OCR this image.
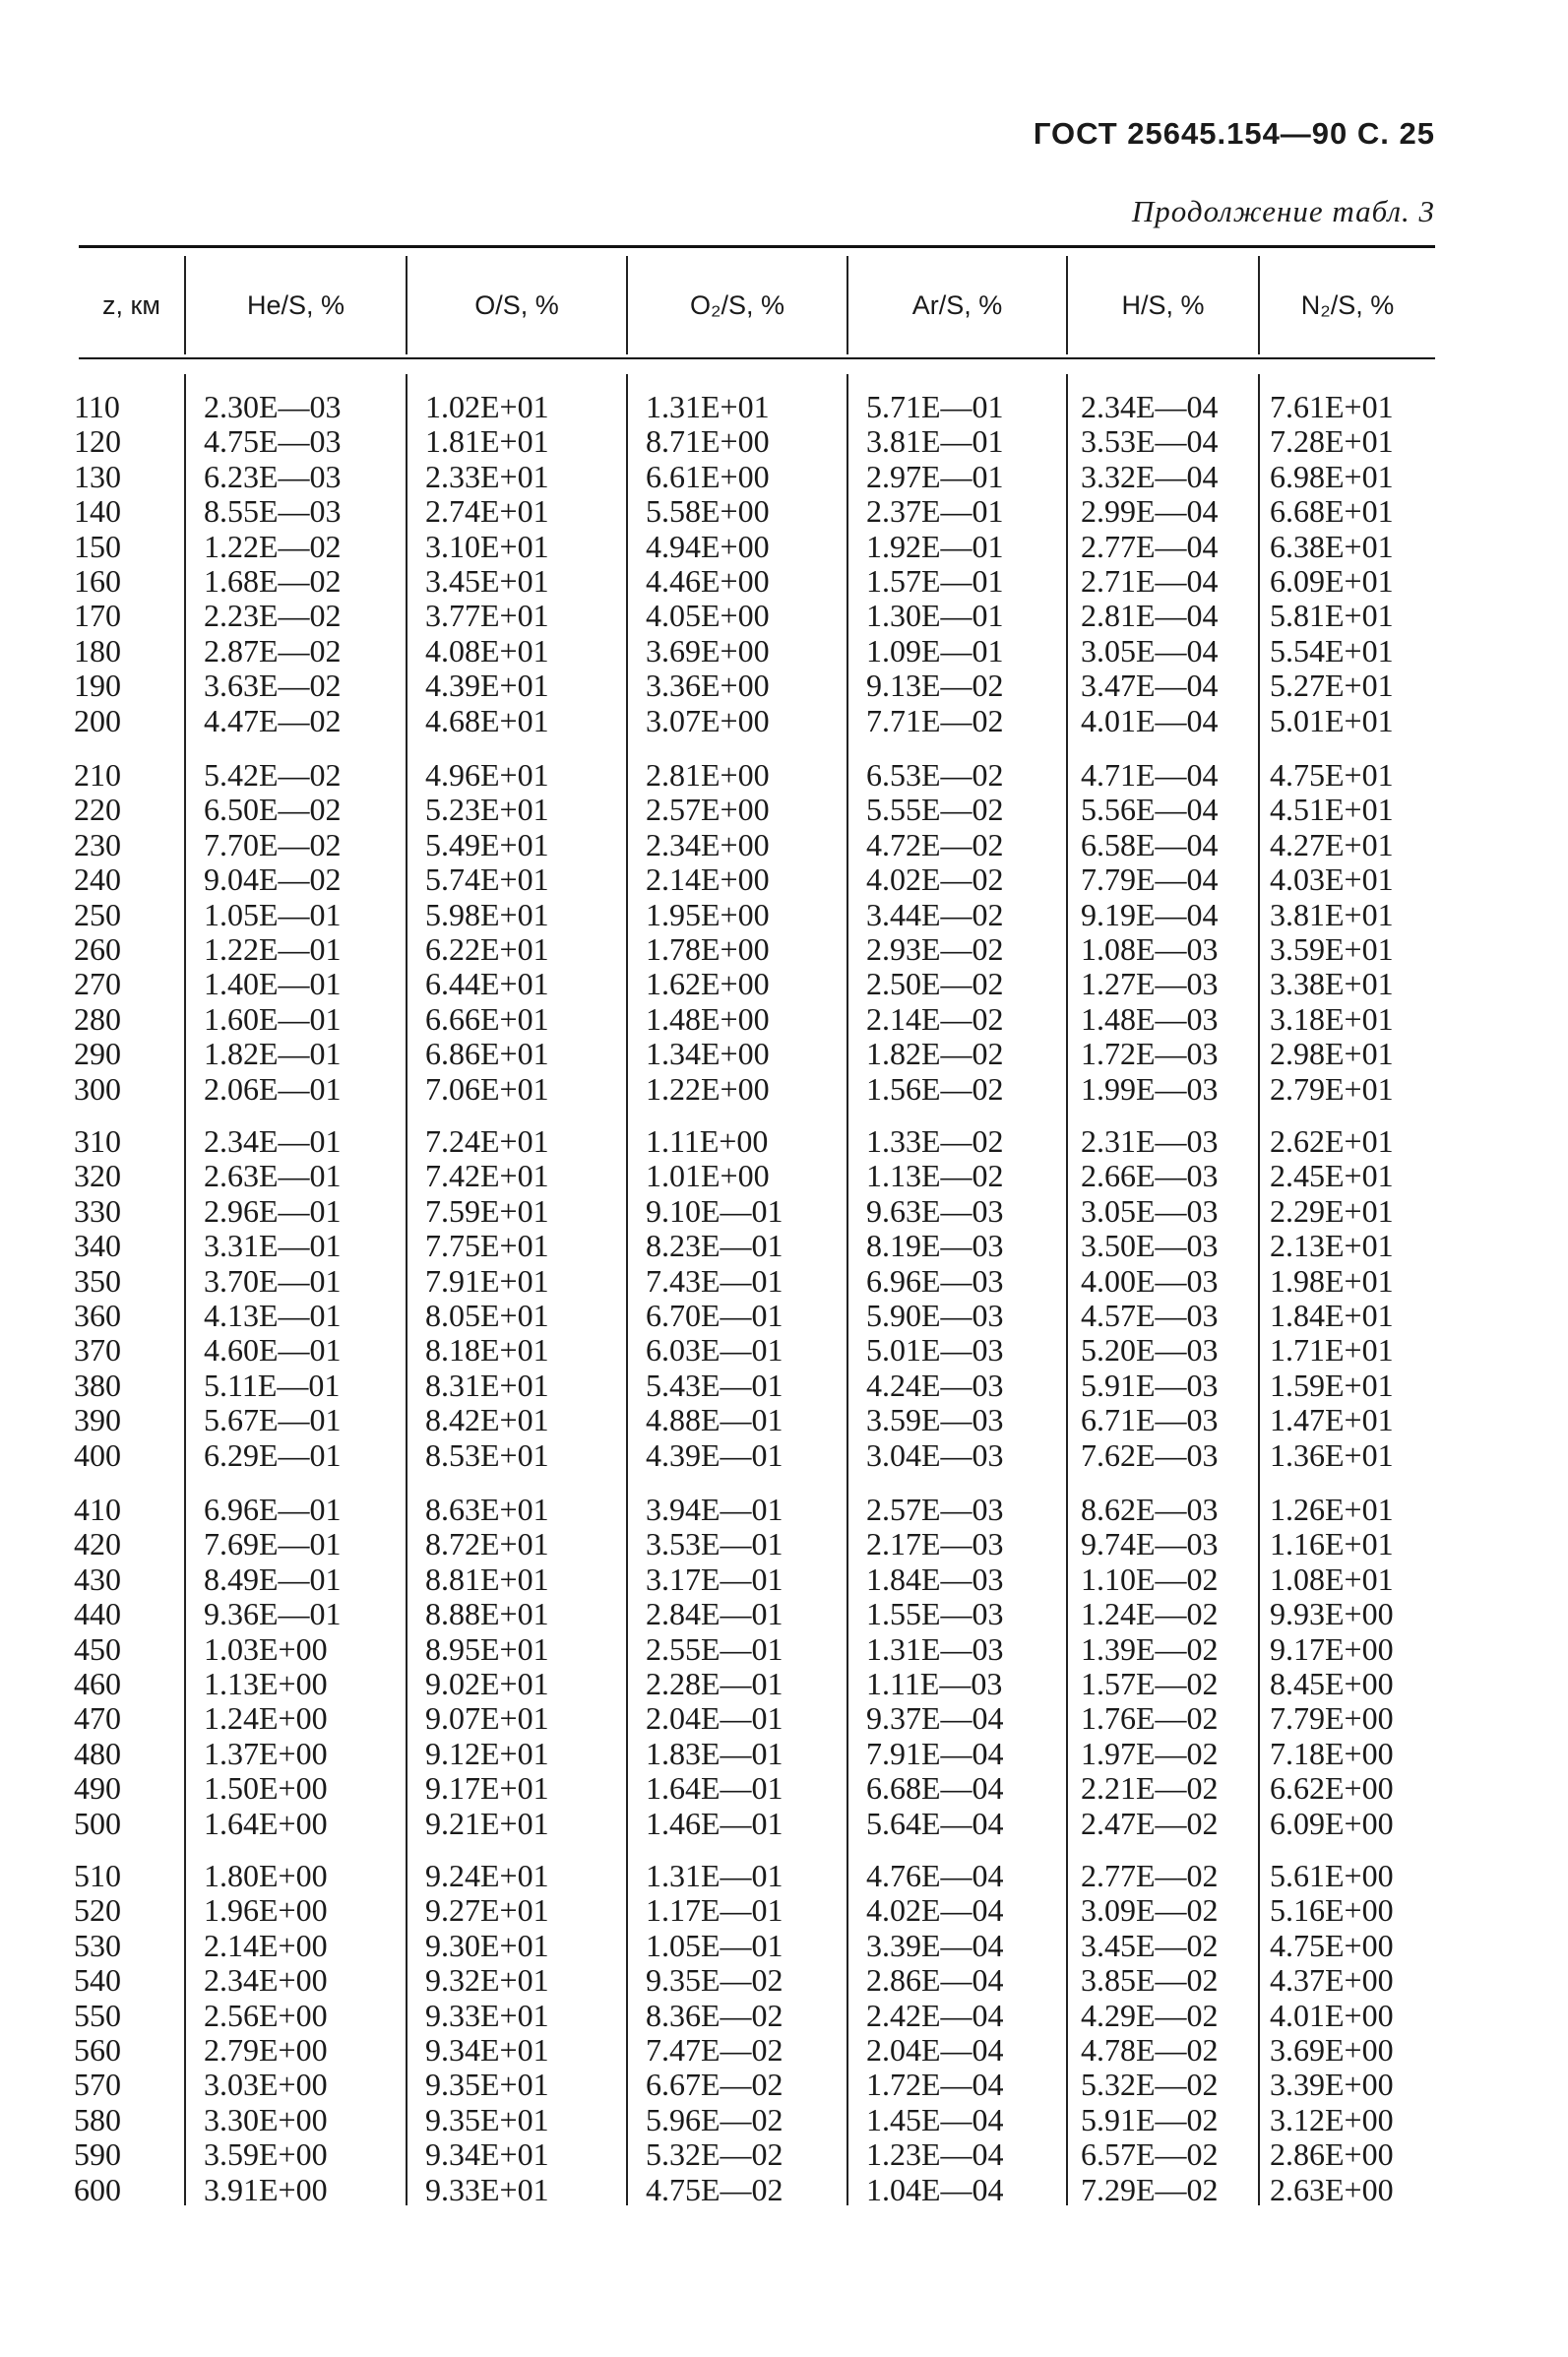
ГОСТ 25645.154—90 С. 25
Продолжение табл. 3
z, км	He/S, %	O/S, %	O₂/S, %	Ar/S, %	H/S, %	N₂/S, %
110	2.30E—03	1.02E+01	1.31E+01	5.71E—01 2.34E—04 7.61E+01
120	4.75E—03	1.81E+01	8.71E+00	3.81E—01 3.53E—04 7.28E+01
130	6.23E—03	2.33E+01	6.61E+00	2.97E—01 3.32E—04 6.98E+01
140	8.55E—03	2.74E+01	5.58E+00	2.37E—01 2.99E—04 6.68E+01
150	1.22E—02	3.10E+01	4.94E+00	1.92E—01 2.77E—04 6.38E+01
160	1.68E—02	3.45E+01	4.46E+00	1.57E—01 2.71E—04 6.09E+01
170	2.23E—02	3.77E+01	4.05E+00	1.30E—01 2.81E—04 5.81E+01
180	2.87E—02	4.08E+01	3.69E+00	1.09E—01 3.05E—04 5.54E+01
190	3.63E—02	4.39E+01	3.36E+00	9.13E—02 3.47E—04 5.27E+01
200	4.47E—02	4.68E+01	3.07E+00	7.71E—02 4.01E—04 5.01E+01
210	5.42E—02	4.96E+01	2.81E+00	6.53E—02 4.71E—04 4.75E+01
220	6.50E—02	5.23E+01	2.57E+00	5.55E—02 5.56E—04 4.51E+01
230	7.70E—02	5.49E+01	2.34E+00	4.72E—02 6.58E—04 4.27E+01
240	9.04E—02	5.74E+01	2.14E+00	4.02E—02 7.79E—04 4.03E+01
250	1.05E—01	5.98E+01	1.95E+00	3.44E—02 9.19E—04 3.81E+01
260	1.22E—01	6.22E+01	1.78E+00	2.93E—02 1.08E—03 3.59E+01
270	1.40E—01	6.44E+01	1.62E+00	2.50E—02 1.27E—03 3.38E+01
280	1.60E—01	6.66E+01	1.48E+00	2.14E—02 1.48E—03 3.18E+01
290	1.82E—01	6.86E+01	1.34E+00	1.82E—02 1.72E—03 2.98E+01
300	2.06E—01	7.06E+01	1.22E+00	1.56E—02 1.99E—03 2.79E+01
310	2.34E—01	7.24E+01	1.11E+00	1.33E—02 2.31E—03 2.62E+01
320	2.63E—01	7.42E+01	1.01E+00	1.13E—02 2.66E—03 2.45E+01
330	2.96E—01	7.59E+01	9.10E—01	9.63E—03 3.05E—03 2.29E+01
340	3.31E—01	7.75E+01	8.23E—01	8.19E—03 3.50E—03 2.13E+01
350	3.70E—01	7.91E+01	7.43E—01	6.96E—03 4.00E—03 1.98E+01
360	4.13E—01	8.05E+01	6.70E—01	5.90E—03 4.57E—03 1.84E+01
370	4.60E—01	8.18E+01	6.03E—01	5.01E—03 5.20E—03 1.71E+01
380	5.11E—01	8.31E+01	5.43E—01	4.24E—03 5.91E—03 1.59E+01
390	5.67E—01	8.42E+01	4.88E—01	3.59E—03 6.71E—03 1.47E+01
400	6.29E—01	8.53E+01	4.39E—01	3.04E—03 7.62E—03 1.36E+01
410	6.96E—01	8.63E+01	3.94E—01	2.57E—03 8.62E—03 1.26E+01
420	7.69E—01	8.72E+01	3.53E—01	2.17E—03 9.74E—03 1.16E+01
430	8.49E—01	8.81E+01	3.17E—01	1.84E—03 1.10E—02 1.08E+01
440	9.36E—01	8.88E+01	2.84E—01	1.55E—03 1.24E—02 9.93E+00
450	1.03E+00	8.95E+01	2.55E—01	1.31E—03 1.39E—02 9.17E+00
460	1.13E+00	9.02E+01	2.28E—01	1.11E—03 1.57E—02 8.45E+00
470	1.24E+00	9.07E+01	2.04E—01	9.37E—04 1.76E—02 7.79E+00
480	1.37E+00	9.12E+01	1.83E—01	7.91E—04 1.97E—02 7.18E+00
490	1.50E+00	9.17E+01	1.64E—01	6.68E—04 2.21E—02 6.62E+00
500	1.64E+00	9.21E+01	1.46E—01	5.64E—04 2.47E—02 6.09E+00
510	1.80E+00	9.24E+01	1.31E—01	4.76E—04 2.77E—02 5.61E+00
520	1.96E+00	9.27E+01	1.17E—01	4.02E—04 3.09E—02 5.16E+00
530	2.14E+00	9.30E+01	1.05E—01	3.39E—04 3.45E—02 4.75E+00
540	2.34E+00	9.32E+01	9.35E—02	2.86E—04 3.85E—02 4.37E+00
550	2.56E+00	9.33E+01	8.36E—02	2.42E—04 4.29E—02 4.01E+00
560	2.79E+00	9.34E+01	7.47E—02	2.04E—04 4.78E—02 3.69E+00
570	3.03E+00	9.35E+01	6.67E—02	1.72E—04 5.32E—02 3.39E+00
580	3.30E+00	9.35E+01	5.96E—02	1.45E—04 5.91E—02 3.12E+00
590	3.59E+00	9.34E+01	5.32E—02	1.23E—04 6.57E—02 2.86E+00
600	3.91E+00	9.33E+01	4.75E—02	1.04E—04 7.29E—02 2.63E+00
